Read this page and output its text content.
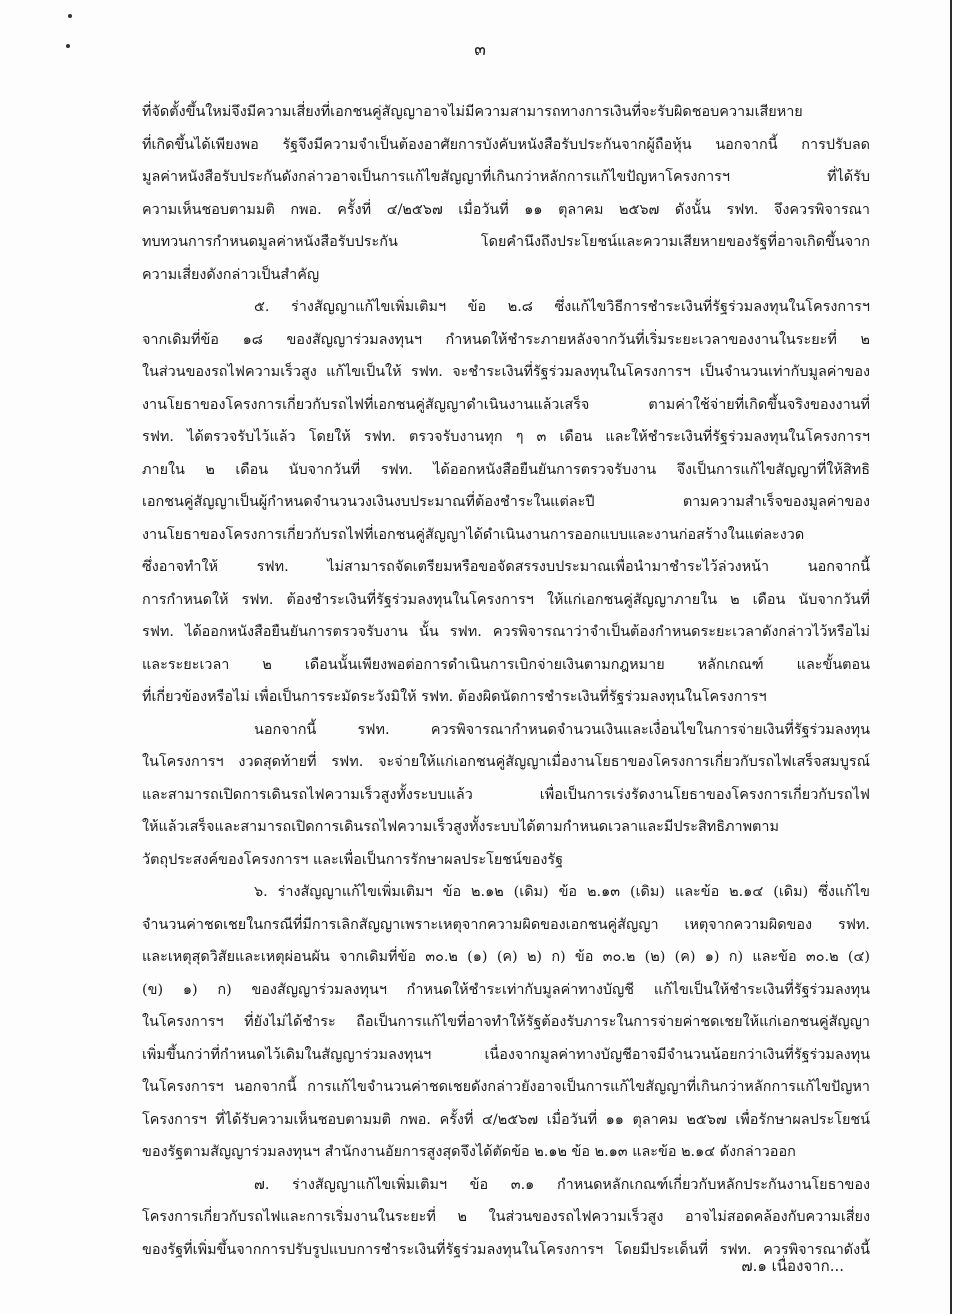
๓
ที่จัดตั้งขึ้นใหม่จึงมีความเสี่ยงที่เอกชนคู่สัญญาอาจไม่มีความสามารถทางการเงินที่จะรับผิดชอบความเสียหาย
ที่เกิดขึ้นได้เพียงพอ รัฐจึงมีความจำเป็นต้องอาศัยการบังคับหนังสือรับประกันจากผู้ถือหุ้น นอกจากนี้ การปรับลด
มูลค่าหนังสือรับประกันดังกล่าวอาจเป็นการแก้ไขสัญญาที่เกินกว่าหลักการแก้ไขปัญหาโครงการฯ ที่ได้รับ
ความเห็นชอบตามมติ กพอ. ครั้งที่ ๔/๒๕๖๗ เมื่อวันที่ ๑๑ ตุลาคม ๒๕๖๗ ดังนั้น รฟท. จึงควรพิจารณา
ทบทวนการกำหนดมูลค่าหนังสือรับประกัน โดยคำนึงถึงประโยชน์และความเสียหายของรัฐที่อาจเกิดขึ้นจาก
ความเสี่ยงดังกล่าวเป็นสำคัญ
๕. ร่างสัญญาแก้ไขเพิ่มเติมฯ ข้อ ๒.๘ ซึ่งแก้ไขวิธีการชำระเงินที่รัฐร่วมลงทุนในโครงการฯ
จากเดิมที่ข้อ ๑๘ ของสัญญาร่วมลงทุนฯ กำหนดให้ชำระภายหลังจากวันที่เริ่มระยะเวลาของงานในระยะที่ ๒
ในส่วนของรถไฟความเร็วสูง แก้ไขเป็นให้ รฟท. จะชำระเงินที่รัฐร่วมลงทุนในโครงการฯ เป็นจำนวนเท่ากับมูลค่าของ
งานโยธาของโครงการเกี่ยวกับรถไฟที่เอกชนคู่สัญญาดำเนินงานแล้วเสร็จ ตามค่าใช้จ่ายที่เกิดขึ้นจริงของงานที่
รฟท. ได้ตรวจรับไว้แล้ว โดยให้ รฟท. ตรวจรับงานทุก ๆ ๓ เดือน และให้ชำระเงินที่รัฐร่วมลงทุนในโครงการฯ
ภายใน ๒ เดือน นับจากวันที่ รฟท. ได้ออกหนังสือยืนยันการตรวจรับงาน จึงเป็นการแก้ไขสัญญาที่ให้สิทธิ
เอกชนคู่สัญญาเป็นผู้กำหนดจำนวนวงเงินงบประมาณที่ต้องชำระในแต่ละปี ตามความสำเร็จของมูลค่าของ
งานโยธาของโครงการเกี่ยวกับรถไฟที่เอกชนคู่สัญญาได้ดำเนินงานการออกแบบและงานก่อสร้างในแต่ละงวด
ซึ่งอาจทำให้ รฟท. ไม่สามารถจัดเตรียมหรือขอจัดสรรงบประมาณเพื่อนำมาชำระไว้ล่วงหน้า นอกจากนี้
การกำหนดให้ รฟท. ต้องชำระเงินที่รัฐร่วมลงทุนในโครงการฯ ให้แก่เอกชนคู่สัญญาภายใน ๒ เดือน นับจากวันที่
รฟท. ได้ออกหนังสือยืนยันการตรวจรับงาน นั้น รฟท. ควรพิจารณาว่าจำเป็นต้องกำหนดระยะเวลาดังกล่าวไว้หรือไม่
และระยะเวลา ๒ เดือนนั้นเพียงพอต่อการดำเนินการเบิกจ่ายเงินตามกฎหมาย หลักเกณฑ์ และขั้นตอน
ที่เกี่ยวข้องหรือไม่ เพื่อเป็นการระมัดระวังมิให้ รฟท. ต้องผิดนัดการชำระเงินที่รัฐร่วมลงทุนในโครงการฯ
นอกจากนี้ รฟท. ควรพิจารณากำหนดจำนวนเงินและเงื่อนไขในการจ่ายเงินที่รัฐร่วมลงทุน
ในโครงการฯ งวดสุดท้ายที่ รฟท. จะจ่ายให้แก่เอกชนคู่สัญญาเมื่องานโยธาของโครงการเกี่ยวกับรถไฟเสร็จสมบูรณ์
และสามารถเปิดการเดินรถไฟความเร็วสูงทั้งระบบแล้ว เพื่อเป็นการเร่งรัดงานโยธาของโครงการเกี่ยวกับรถไฟ
ให้แล้วเสร็จและสามารถเปิดการเดินรถไฟความเร็วสูงทั้งระบบได้ตามกำหนดเวลาและมีประสิทธิภาพตาม
วัตถุประสงค์ของโครงการฯ และเพื่อเป็นการรักษาผลประโยชน์ของรัฐ
๖. ร่างสัญญาแก้ไขเพิ่มเติมฯ ข้อ ๒.๑๒ (เดิม) ข้อ ๒.๑๓ (เดิม) และข้อ ๒.๑๔ (เดิม) ซึ่งแก้ไข
จำนวนค่าชดเชยในกรณีที่มีการเลิกสัญญาเพราะเหตุจากความผิดของเอกชนคู่สัญญา เหตุจากความผิดของ รฟท.
และเหตุสุดวิสัยและเหตุผ่อนผัน จากเดิมที่ข้อ ๓๐.๒ (๑) (ค) ๒) ก) ข้อ ๓๐.๒ (๒) (ค) ๑) ก) และข้อ ๓๐.๒ (๔)
(ข) ๑) ก) ของสัญญาร่วมลงทุนฯ กำหนดให้ชำระเท่ากับมูลค่าทางบัญชี แก้ไขเป็นให้ชำระเงินที่รัฐร่วมลงทุน
ในโครงการฯ ที่ยังไม่ได้ชำระ ถือเป็นการแก้ไขที่อาจทำให้รัฐต้องรับภาระในการจ่ายค่าชดเชยให้แก่เอกชนคู่สัญญา
เพิ่มขึ้นกว่าที่กำหนดไว้เดิมในสัญญาร่วมลงทุนฯ เนื่องจากมูลค่าทางบัญชีอาจมีจำนวนน้อยกว่าเงินที่รัฐร่วมลงทุน
ในโครงการฯ นอกจากนี้ การแก้ไขจำนวนค่าชดเชยดังกล่าวยังอาจเป็นการแก้ไขสัญญาที่เกินกว่าหลักการแก้ไขปัญหา
โครงการฯ ที่ได้รับความเห็นชอบตามมติ กพอ. ครั้งที่ ๔/๒๕๖๗ เมื่อวันที่ ๑๑ ตุลาคม ๒๕๖๗ เพื่อรักษาผลประโยชน์
ของรัฐตามสัญญาร่วมลงทุนฯ สำนักงานอัยการสูงสุดจึงได้ตัดข้อ ๒.๑๒ ข้อ ๒.๑๓ และข้อ ๒.๑๔ ดังกล่าวออก
๗. ร่างสัญญาแก้ไขเพิ่มเติมฯ ข้อ ๓.๑ กำหนดหลักเกณฑ์เกี่ยวกับหลักประกันงานโยธาของ
โครงการเกี่ยวกับรถไฟและการเริ่มงานในระยะที่ ๒ ในส่วนของรถไฟความเร็วสูง อาจไม่สอดคล้องกับความเสี่ยง
ของรัฐที่เพิ่มขึ้นจากการปรับรูปแบบการชำระเงินที่รัฐร่วมลงทุนในโครงการฯ โดยมีประเด็นที่ รฟท. ควรพิจารณาดังนี้
๗.๑ เนื่องจาก...
